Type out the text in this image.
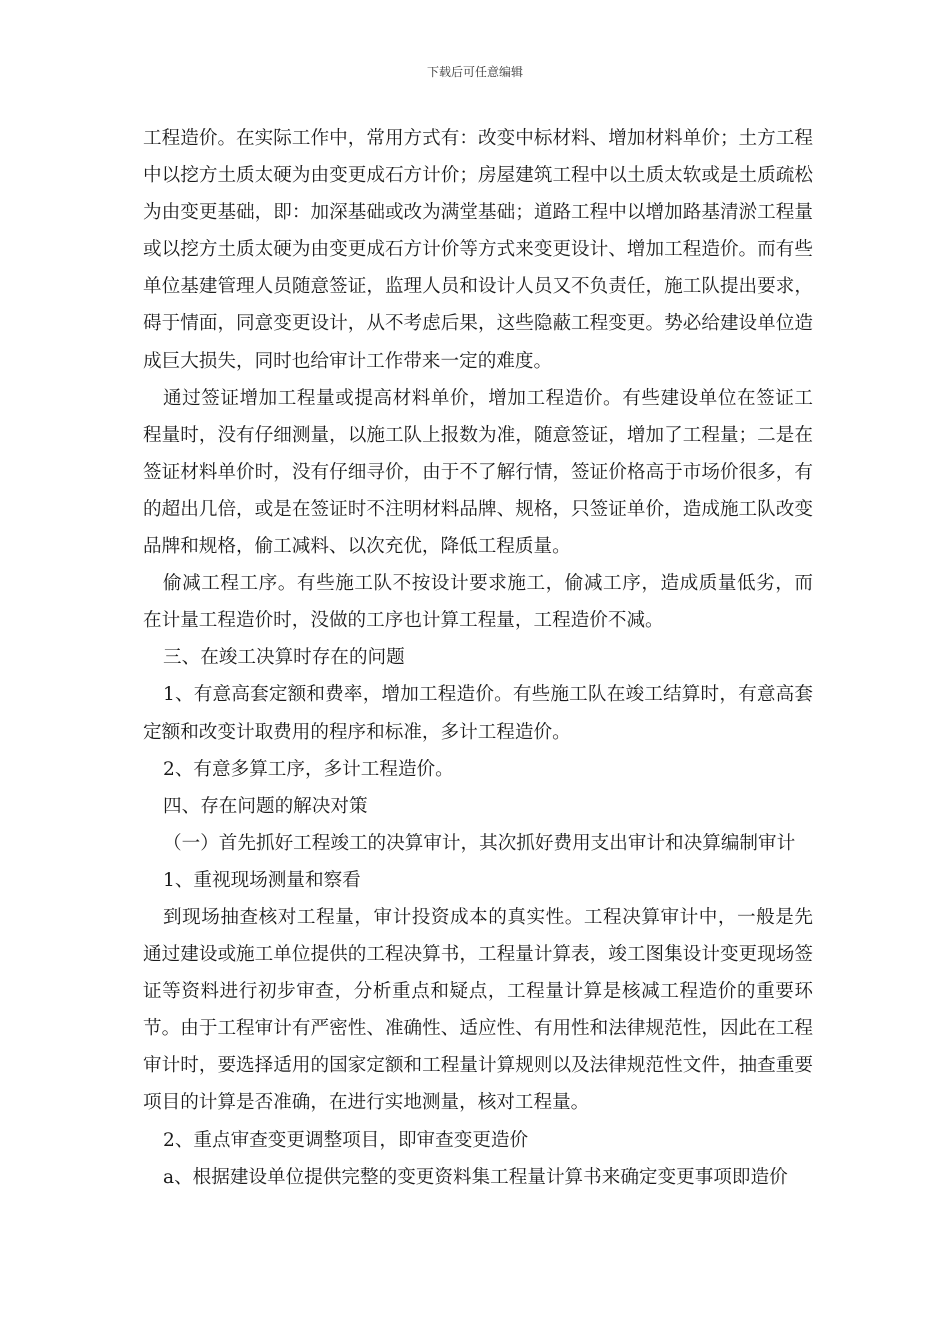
下载后可任意编辑

工程造价。在实际工作中，常用方式有：改变中标材料、增加材料单价；土方工程中以挖方土质太硬为由变更成石方计价；房屋建筑工程中以土质太软或是土质疏松为由变更基础，即：加深基础或改为满堂基础；道路工程中以增加路基清淤工程量或以挖方土质太硬为由变更成石方计价等方式来变更设计、增加工程造价。而有些单位基建管理人员随意签证，监理人员和设计人员又不负责任，施工队提出要求，碍于情面，同意变更设计，从不考虑后果，这些隐蔽工程变更。势必给建设单位造成巨大损失，同时也给审计工作带来一定的难度。

通过签证增加工程量或提高材料单价，增加工程造价。有些建设单位在签证工程量时，没有仔细测量，以施工队上报数为准，随意签证，增加了工程量；二是在签证材料单价时，没有仔细寻价，由于不了解行情，签证价格高于市场价很多，有的超出几倍，或是在签证时不注明材料品牌、规格，只签证单价，造成施工队改变品牌和规格，偷工减料、以次充优，降低工程质量。

偷减工程工序。有些施工队不按设计要求施工，偷减工序，造成质量低劣，而在计量工程造价时，没做的工序也计算工程量，工程造价不减。

三、在竣工决算时存在的问题

1、有意高套定额和费率，增加工程造价。有些施工队在竣工结算时，有意高套定额和改变计取费用的程序和标准，多计工程造价。

2、有意多算工序，多计工程造价。

四、存在问题的解决对策

（一）首先抓好工程竣工的决算审计，其次抓好费用支出审计和决算编制审计

1、重视现场测量和察看

到现场抽查核对工程量，审计投资成本的真实性。工程决算审计中，一般是先通过建设或施工单位提供的工程决算书，工程量计算表，竣工图集设计变更现场签证等资料进行初步审查，分析重点和疑点，工程量计算是核减工程造价的重要环节。由于工程审计有严密性、准确性、适应性、有用性和法律规范性，因此在工程审计时，要选择适用的国家定额和工程量计算规则以及法律规范性文件，抽查重要项目的计算是否准确，在进行实地测量，核对工程量。

2、重点审查变更调整项目，即审查变更造价

a、根据建设单位提供完整的变更资料集工程量计算书来确定变更事项即造价
